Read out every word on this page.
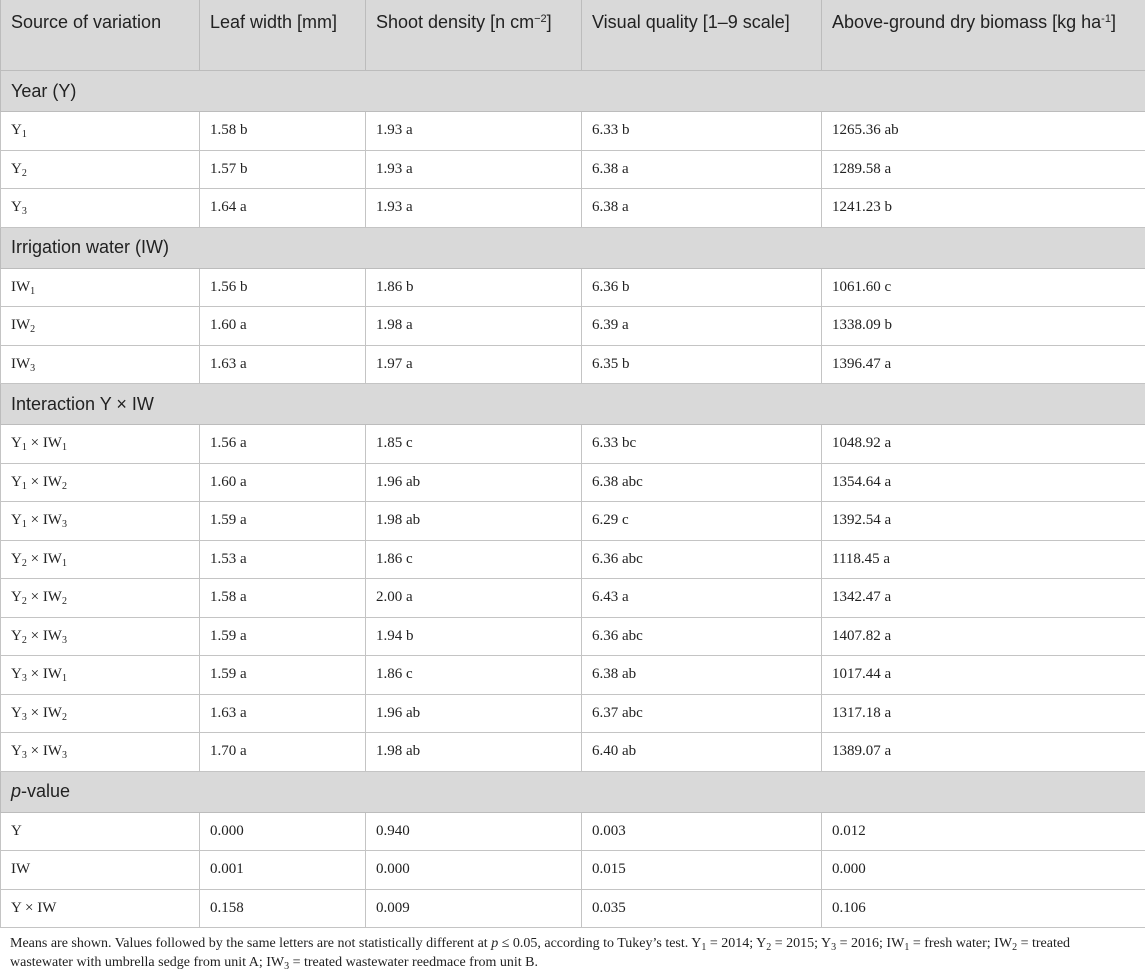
Source of variation	Leaf width [mm]	Shoot density [n $cm^{-2}$]	Visual quality [1–9 scale]	Above-ground dry biomass [kg $ha^{-1}$]
Year (Y)				
$Y_1$	1.58 b	1.93 a	6.33 b	1265.36 ab
$Y_2$	1.57 b	1.93 a	6.38 a	1289.58 a
$Y_3$	1.64 a	1.93 a	6.38 a	1241.23 b
Irrigation water (IW)				
$IW_1$	1.56 b	1.86 b	6.36 b	1061.60 c
$IW_2$	1.60 a	1.98 a	6.39 a	1338.09 b
$IW_3$	1.63 a	1.97 a	6.35 b	1396.47 a
Interaction Y × IW				
$Y_1 \times IW_1$	1.56 a	1.85 c	6.33 bc	1048.92 a
$Y_1 \times IW_2$	1.60 a	1.96 ab	6.38 abc	1354.64 a
$Y_1 \times IW_3$	1.59 a	1.98 ab	6.29 c	1392.54 a
$Y_2 \times IW_1$	1.53 a	1.86 c	6.36 abc	1118.45 a
$Y_2 \times IW_2$	1.58 a	2.00 a	6.43 a	1342.47 a
$Y_2 \times IW_3$	1.59 a	1.94 b	6.36 abc	1407.82 a
$Y_3 \times IW_1$	1.59 a	1.86 c	6.38 ab	1017.44 a
$Y_3 \times IW_2$	1.63 a	1.96 ab	6.37 abc	1317.18 a
$Y_3 \times IW_3$	1.70 a	1.98 ab	6.40 ab	1389.07 a
p-value				
Y	0.000	0.940	0.003	0.012
IW	0.001	0.000	0.015	0.000
Y × IW	0.158	0.009	0.035	0.106
Means are shown. Values followed by the same letters are not statistically different at p ≤ 0.05, according to Tukey’s test. $Y_1 = 2014$; $Y_2 = 2015$; $Y_3 = 2016$; $IW_1$ = fresh water; $IW_2$ = treated wastewater with umbrella sedge from unit A; $IW_3$ = treated wastewater reedmace from unit B.
